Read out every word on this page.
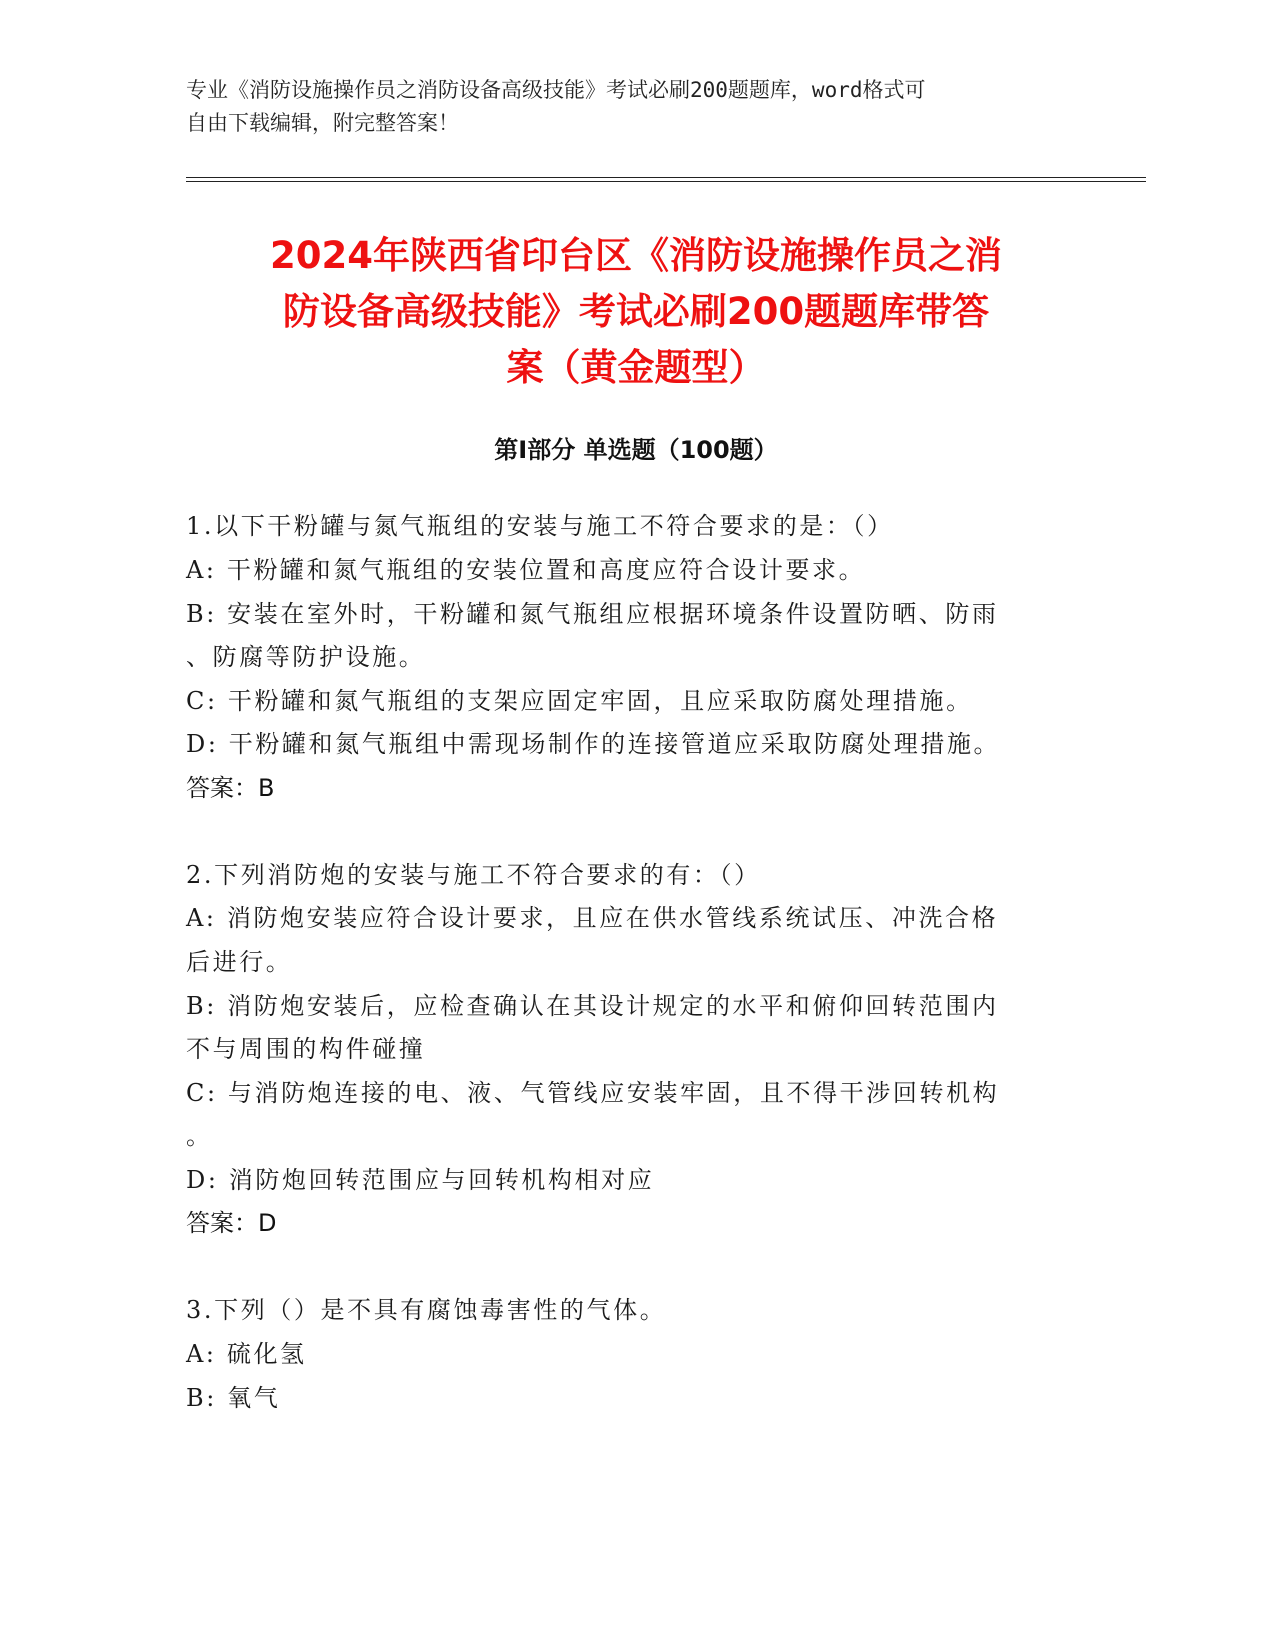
专业《消防设施操作员之消防设备高级技能》考试必刷200题题库，word格式可
自由下载编辑，附完整答案！
2024年陕西省印台区《消防设施操作员之消
防设备高级技能》考试必刷200题题库带答
案（黄金题型）
第Ⅰ部分 单选题（100题）
1.以下干粉罐与氮气瓶组的安装与施工不符合要求的是：（）
A: 干粉罐和氮气瓶组的安装位置和高度应符合设计要求。
B: 安装在室外时，干粉罐和氮气瓶组应根据环境条件设置防晒、防雨
、防腐等防护设施。
C: 干粉罐和氮气瓶组的支架应固定牢固，且应采取防腐处理措施。
D: 干粉罐和氮气瓶组中需现场制作的连接管道应采取防腐处理措施。
答案：B
2.下列消防炮的安装与施工不符合要求的有：（）
A: 消防炮安装应符合设计要求，且应在供水管线系统试压、冲洗合格
后进行。
B: 消防炮安装后，应检查确认在其设计规定的水平和俯仰回转范围内
不与周围的构件碰撞
C: 与消防炮连接的电、液、气管线应安装牢固，且不得干涉回转机构
。
D: 消防炮回转范围应与回转机构相对应
答案：D
3.下列（）是不具有腐蚀毒害性的气体。
A: 硫化氢
B: 氧气
